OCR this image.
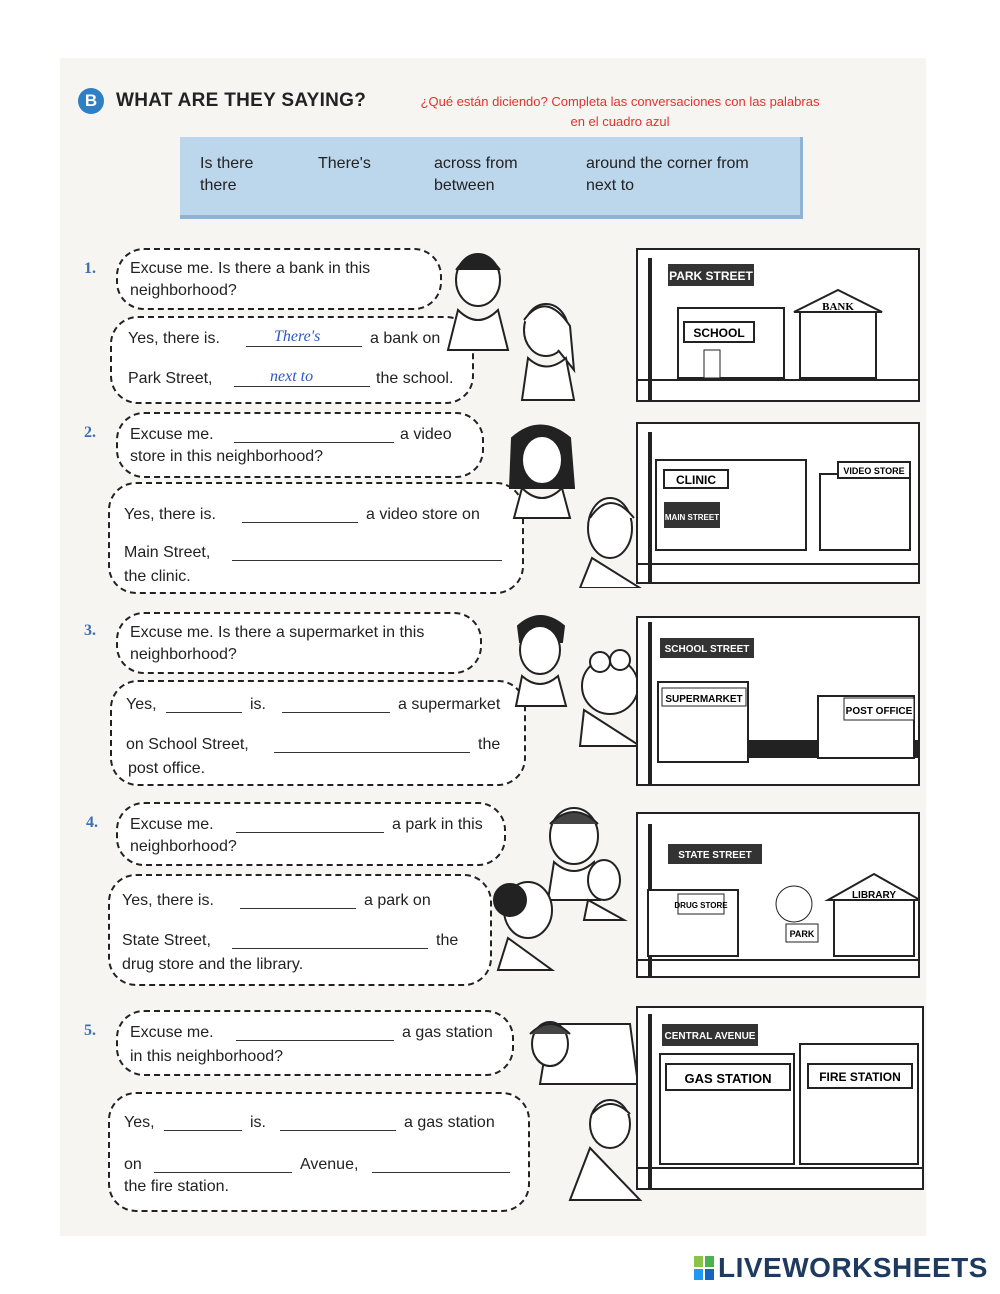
B WHAT ARE THEY SAYING?	¿Qué están diciendo? Completa las conversaciones con las palabras
en el cuadro azul
Is there	There's	across from	around the corner from
there	between	next to
1. Excuse me. Is there a bank in this
neighborhood?
Yes, there is.	There's	a bank on
Park Street,	next to	the school.
2. Excuse me.	a video
store in this neighborhood?
Yes, there is.	a video store on
Main Street,
the clinic.
3. Excuse me. Is there a supermarket in this
neighborhood?
Yes,	is.	a supermarket
on School Street,	the
post office.
4. Excuse me.	a park in this
neighborhood?
Yes, there is.	a park on
State Street,	the
drug store and the library.
5. Excuse me.	a gas station
in this neighborhood?
Yes,	is.	a gas station
on	Avenue,
the fire station.
PARK STREET
SCHOOL
BANK
CLINIC
MAIN STREET
VIDEO STORE
SCHOOL STREET
SUPERMARKET
POST OFFICE
STATE STREET
DRUG STORE
PARK
LIBRARY
CENTRAL AVENUE
GAS STATION	FIRE STATION
LIVEWORKSHEETS
